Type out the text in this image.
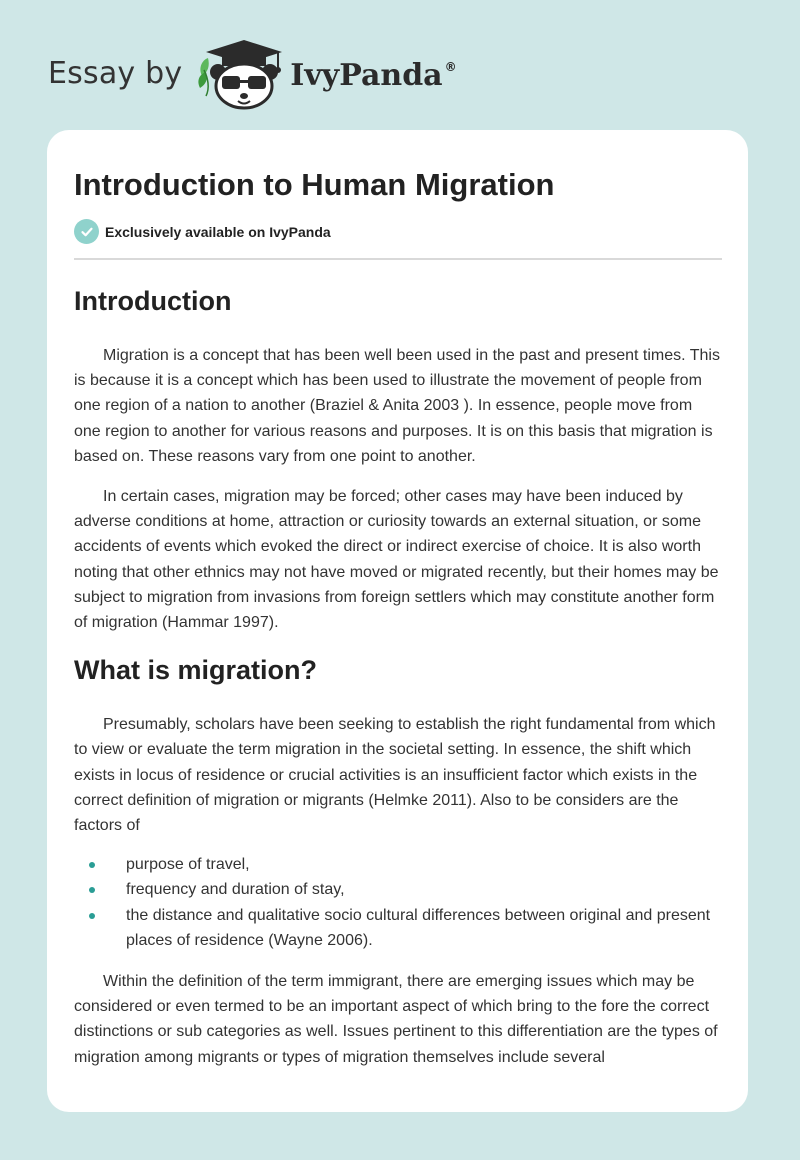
Essay by	IvyPanda ®
Introduction to Human Migration
Exclusively available on IvyPanda
Introduction

Migration is a concept that has been well been used in the past and present times. This is because it is a concept which has been used to illustrate the movement of people from one region of a nation to another (Braziel & Anita 2003 ). In essence, people move from one region to another for various reasons and purposes. It is on this basis that migration is based on. These reasons vary from one point to another.

In certain cases, migration may be forced; other cases may have been induced by adverse conditions at home, attraction or curiosity towards an external situation, or some accidents of events which evoked the direct or indirect exercise of choice. It is also worth noting that other ethnics may not have moved or migrated recently, but their homes may be subject to migration from invasions from foreign settlers which may constitute another form of migration (Hammar 1997).

What is migration?

Presumably, scholars have been seeking to establish the right fundamental from which to view or evaluate the term migration in the societal setting. In essence, the shift which exists in locus of residence or crucial activities is an insufficient factor which exists in the correct definition of migration or migrants (Helmke 2011). Also to be considers are the factors of

purpose of travel,
frequency and duration of stay,
the distance and qualitative socio cultural differences between original and present places of residence (Wayne 2006).

Within the definition of the term immigrant, there are emerging issues which may be considered or even termed to be an important aspect of which bring to the fore the correct distinctions or sub categories as well. Issues pertinent to this differentiation are the types of migration among migrants or types of migration themselves include several
